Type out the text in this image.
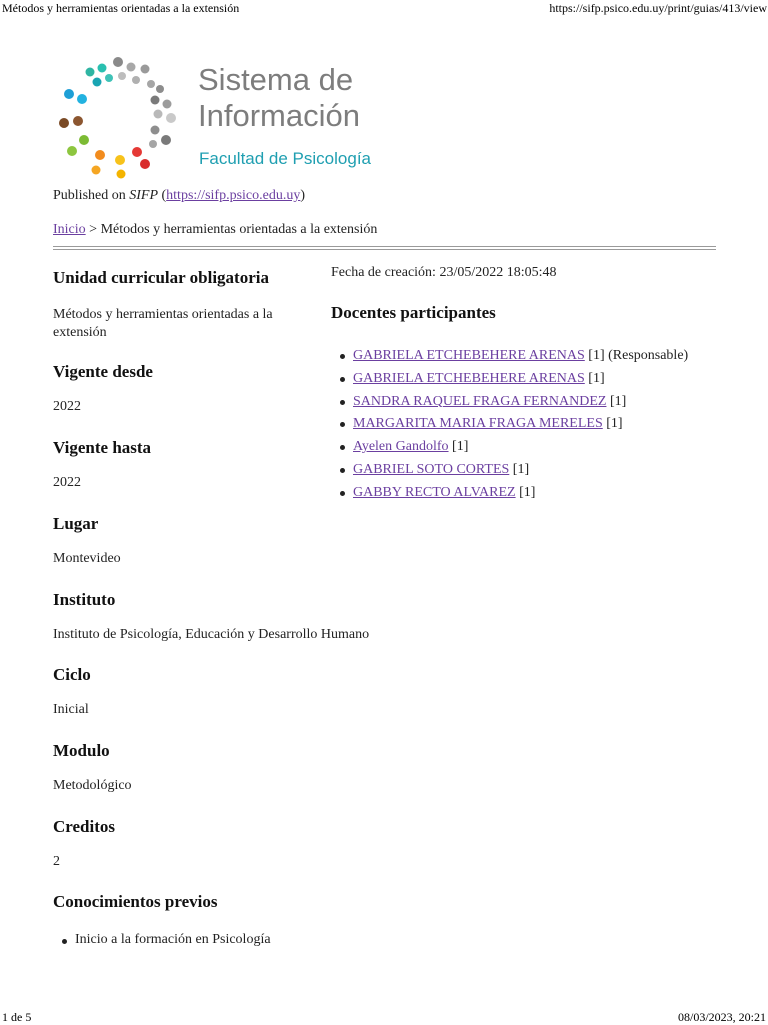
Métodos y herramientas orientadas a la extensión	https://sifp.psico.edu.uy/print/guias/413/view
1 de 5	08/03/2023, 20:21
Sistema de
Información
Facultad de Psicología
Published on SIFP (https://sifp.psico.edu.uy)
Inicio > Métodos y herramientas orientadas a la extensión
Unidad curricular obligatoria
Métodos y herramientas orientadas a la extensión
Vigente desde
2022
Vigente hasta
2022
Lugar
Montevideo
Instituto
Instituto de Psicología, Educación y Desarrollo Humano
Ciclo
Inicial
Modulo
Metodológico
Creditos
2
Conocimientos previos
Inicio a la formación en Psicología
Fecha de creación: 23/05/2022 18:05:48
Docentes participantes
GABRIELA ETCHEBEHERE ARENAS [1] (Responsable)
GABRIELA ETCHEBEHERE ARENAS [1]
SANDRA RAQUEL FRAGA FERNANDEZ [1]
MARGARITA MARIA FRAGA MERELES [1]
Ayelen Gandolfo [1]
GABRIEL SOTO CORTES [1]
GABBY RECTO ALVAREZ [1]
